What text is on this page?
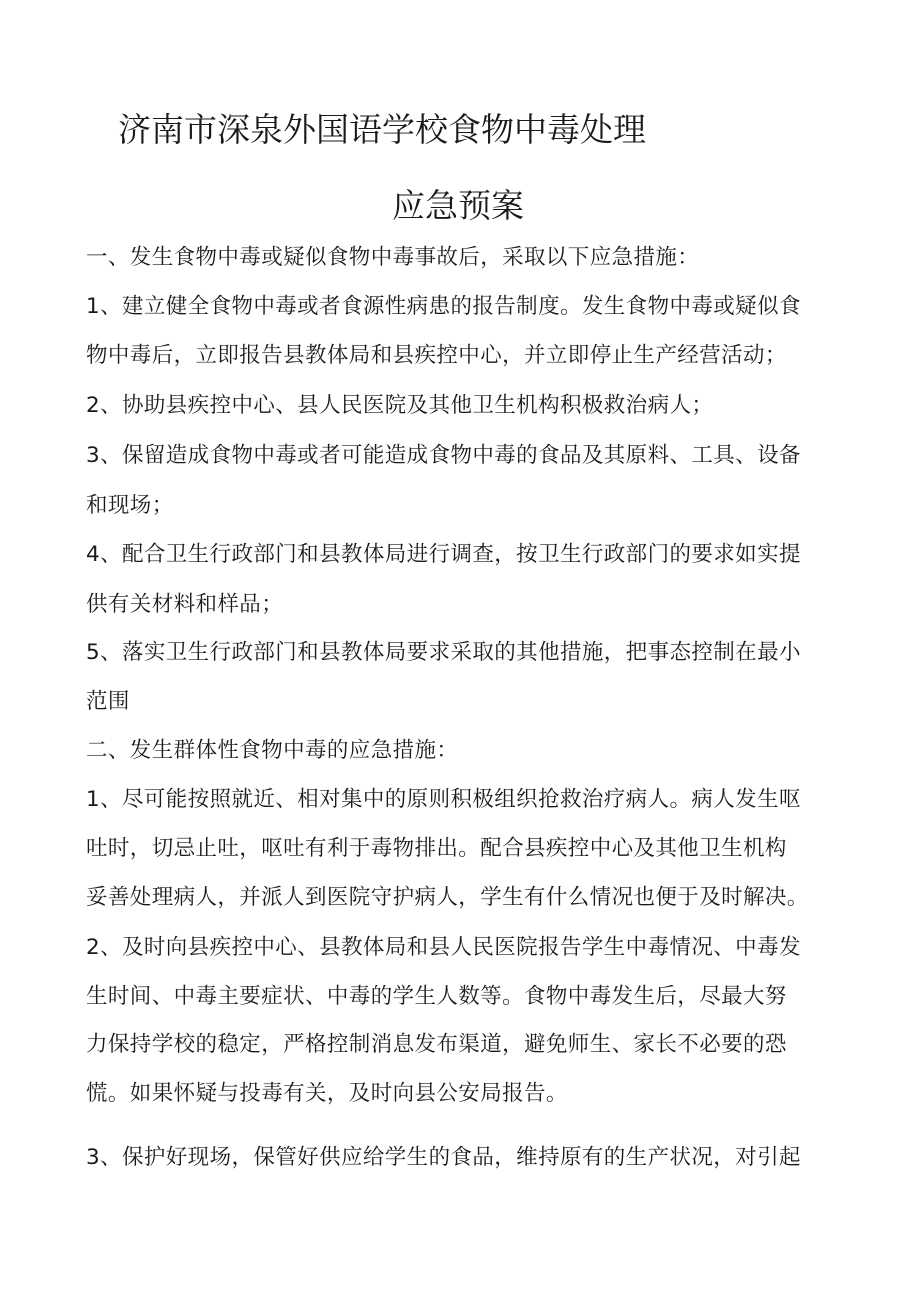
济南市深泉外国语学校食物中毒处理
应急预案
一、发生食物中毒或疑似食物中毒事故后，采取以下应急措施：
1、建立健全食物中毒或者食源性病患的报告制度。发生食物中毒或疑似食
物中毒后，立即报告县教体局和县疾控中心，并立即停止生产经营活动；
2、协助县疾控中心、县人民医院及其他卫生机构积极救治病人；
3、保留造成食物中毒或者可能造成食物中毒的食品及其原料、工具、设备
和现场；
4、配合卫生行政部门和县教体局进行调查，按卫生行政部门的要求如实提
供有关材料和样品；
5、落实卫生行政部门和县教体局要求采取的其他措施，把事态控制在最小
范围
二、发生群体性食物中毒的应急措施：
1、尽可能按照就近、相对集中的原则积极组织抢救治疗病人。病人发生呕
吐时，切忌止吐，呕吐有利于毒物排出。配合县疾控中心及其他卫生机构
妥善处理病人，并派人到医院守护病人，学生有什么情况也便于及时解决。
2、及时向县疾控中心、县教体局和县人民医院报告学生中毒情况、中毒发
生时间、中毒主要症状、中毒的学生人数等。食物中毒发生后，尽最大努
力保持学校的稳定，严格控制消息发布渠道，避免师生、家长不必要的恐
慌。如果怀疑与投毒有关，及时向县公安局报告。
3、保护好现场，保管好供应给学生的食品，维持原有的生产状况，对引起
